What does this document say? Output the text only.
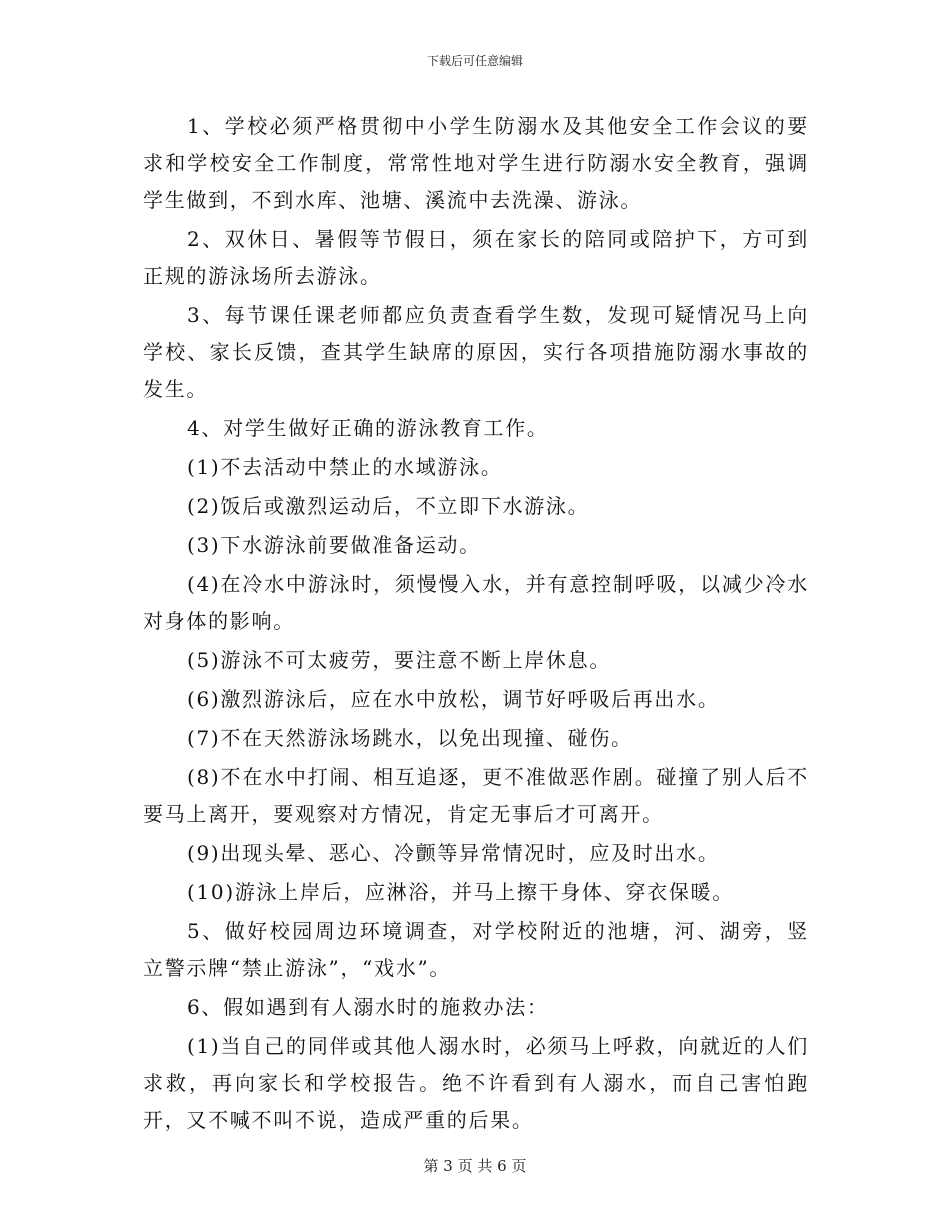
下载后可任意编辑

1、学校必须严格贯彻中小学生防溺水及其他安全工作会议的要求和学校安全工作制度，常常性地对学生进行防溺水安全教育，强调学生做到，不到水库、池塘、溪流中去洗澡、游泳。

2、双休日、暑假等节假日，须在家长的陪同或陪护下，方可到正规的游泳场所去游泳。

3、每节课任课老师都应负责查看学生数，发现可疑情况马上向学校、家长反馈，查其学生缺席的原因，实行各项措施防溺水事故的发生。

4、对学生做好正确的游泳教育工作。

(1)不去活动中禁止的水域游泳。

(2)饭后或激烈运动后，不立即下水游泳。

(3)下水游泳前要做准备运动。

(4)在冷水中游泳时，须慢慢入水，并有意控制呼吸，以减少冷水对身体的影响。

(5)游泳不可太疲劳，要注意不断上岸休息。

(6)激烈游泳后，应在水中放松，调节好呼吸后再出水。

(7)不在天然游泳场跳水，以免出现撞、碰伤。

(8)不在水中打闹、相互追逐，更不准做恶作剧。碰撞了别人后不要马上离开，要观察对方情况，肯定无事后才可离开。

(9)出现头晕、恶心、冷颤等异常情况时，应及时出水。

(10)游泳上岸后，应淋浴，并马上擦干身体、穿衣保暖。

5、做好校园周边环境调查，对学校附近的池塘，河、湖旁，竖立警示牌“禁止游泳”，“戏水”。

6、假如遇到有人溺水时的施救办法：

(1)当自己的同伴或其他人溺水时，必须马上呼救，向就近的人们求救，再向家长和学校报告。绝不许看到有人溺水，而自己害怕跑开，又不喊不叫不说，造成严重的后果。

第 3 页 共 6 页
